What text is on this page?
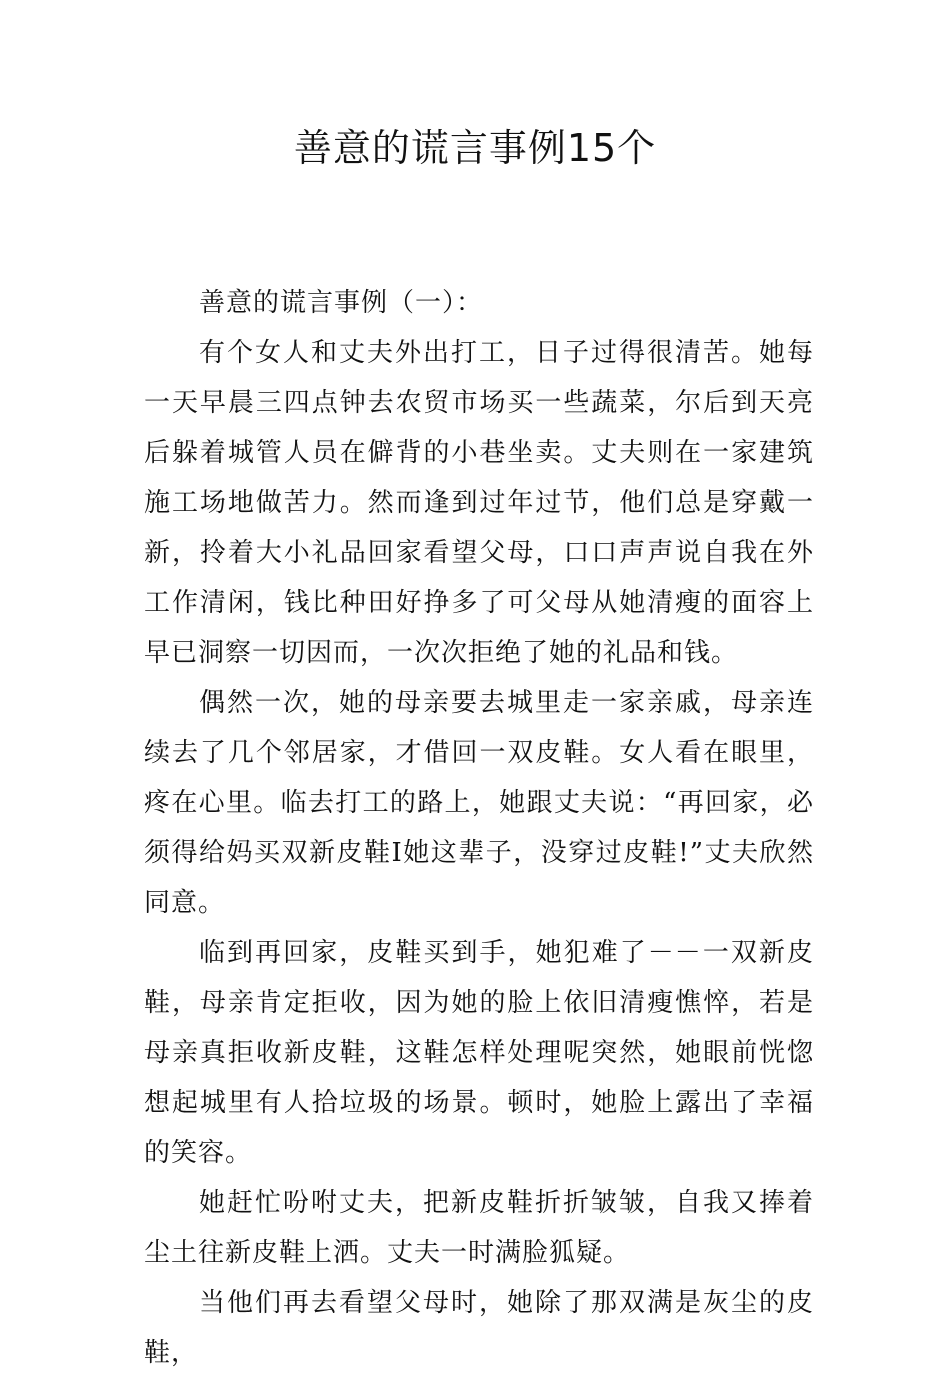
善意的谎言事例15个

善意的谎言事例（一）：

有个女人和丈夫外出打工，日子过得很清苦。她每一天早晨三四点钟去农贸市场买一些蔬菜，尔后到天亮后躲着城管人员在僻背的小巷坐卖。丈夫则在一家建筑施工场地做苦力。然而逢到过年过节，他们总是穿戴一新，拎着大小礼品回家看望父母，口口声声说自我在外工作清闲，钱比种田好挣多了可父母从她清瘦的面容上早已洞察一切因而，一次次拒绝了她的礼品和钱。

偶然一次，她的母亲要去城里走一家亲戚，母亲连续去了几个邻居家，才借回一双皮鞋。女人看在眼里，疼在心里。临去打工的路上，她跟丈夫说：“再回家，必须得给妈买双新皮鞋I她这辈子，没穿过皮鞋!”丈夫欣然同意。

临到再回家，皮鞋买到手，她犯难了－－一双新皮鞋，母亲肯定拒收，因为她的脸上依旧清瘦憔悴，若是母亲真拒收新皮鞋，这鞋怎样处理呢突然，她眼前恍惚想起城里有人拾垃圾的场景。顿时，她脸上露出了幸福的笑容。

她赶忙吩咐丈夫，把新皮鞋折折皱皱，自我又捧着尘土往新皮鞋上洒。丈夫一时满脸狐疑。

当他们再去看望父母时，她除了那双满是灰尘的皮鞋，
